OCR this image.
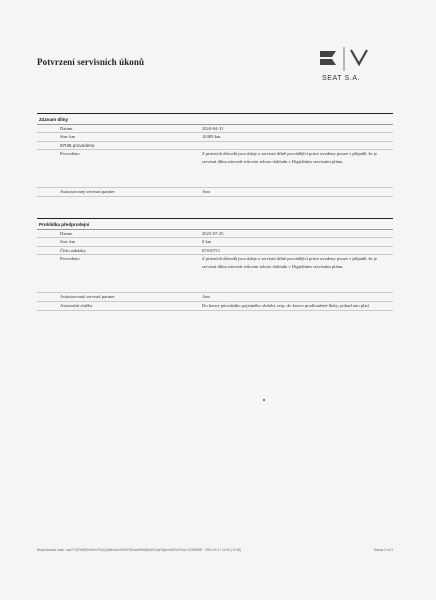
Potvrzení servisních úkonů
SEAT S.A.
Záznam dílny
Datum	2024-04-31
Stav km	10389 km
97HB provedeno
Provedeno	Z právních důvodů jsou údaje o servisní dílně provádějící práce uvedeny pouze v případě, že je servisní dílna zároveň tvůrcem tohoto dokladu v Digitálním servisním plánu.
Autorizovaný servisní partner	Ano
Prohlídka předprodejní
Datum	2023-07-25
Stav km	0 km
Číslo zakázky	67010711
Provedeno	Z právních důvodů jsou údaje o servisní dílně provádějící práce uvedeny pouze v případě, že je servisní dílna zároveň tvůrcem tohoto dokladu v Digitálním servisním plánu.
Autorizovaný servisní partner	Ano
Asistenční služba	Do konce původního pojistného období, resp. do konce prodloužené lhůty, pokud tato platí
Bezpečnostní hash: onjz7YQFx5Pj9VnEm7RL4Qa9d4m4xKGBYDKdauRbNfQbd0OJpDNpeXmFDA7Noe CZ298499 · 2024-09-17 10:32 (+1:00)	Strana 2 od 3
